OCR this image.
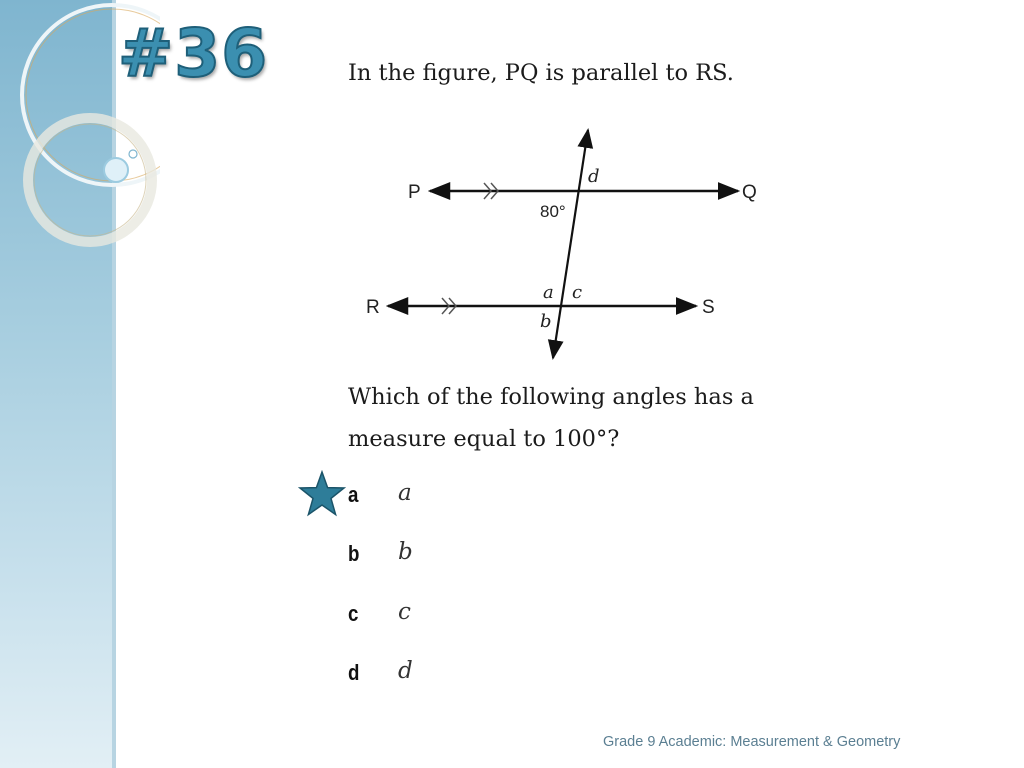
#36	In the figure, PQ is parallel to RS.

P	Q
R	S
80°
d
a c
b

Which of the following angles has a
measure equal to 100°?

a a
b b
c c
d d

Grade 9 Academic: Measurement & Geometry
